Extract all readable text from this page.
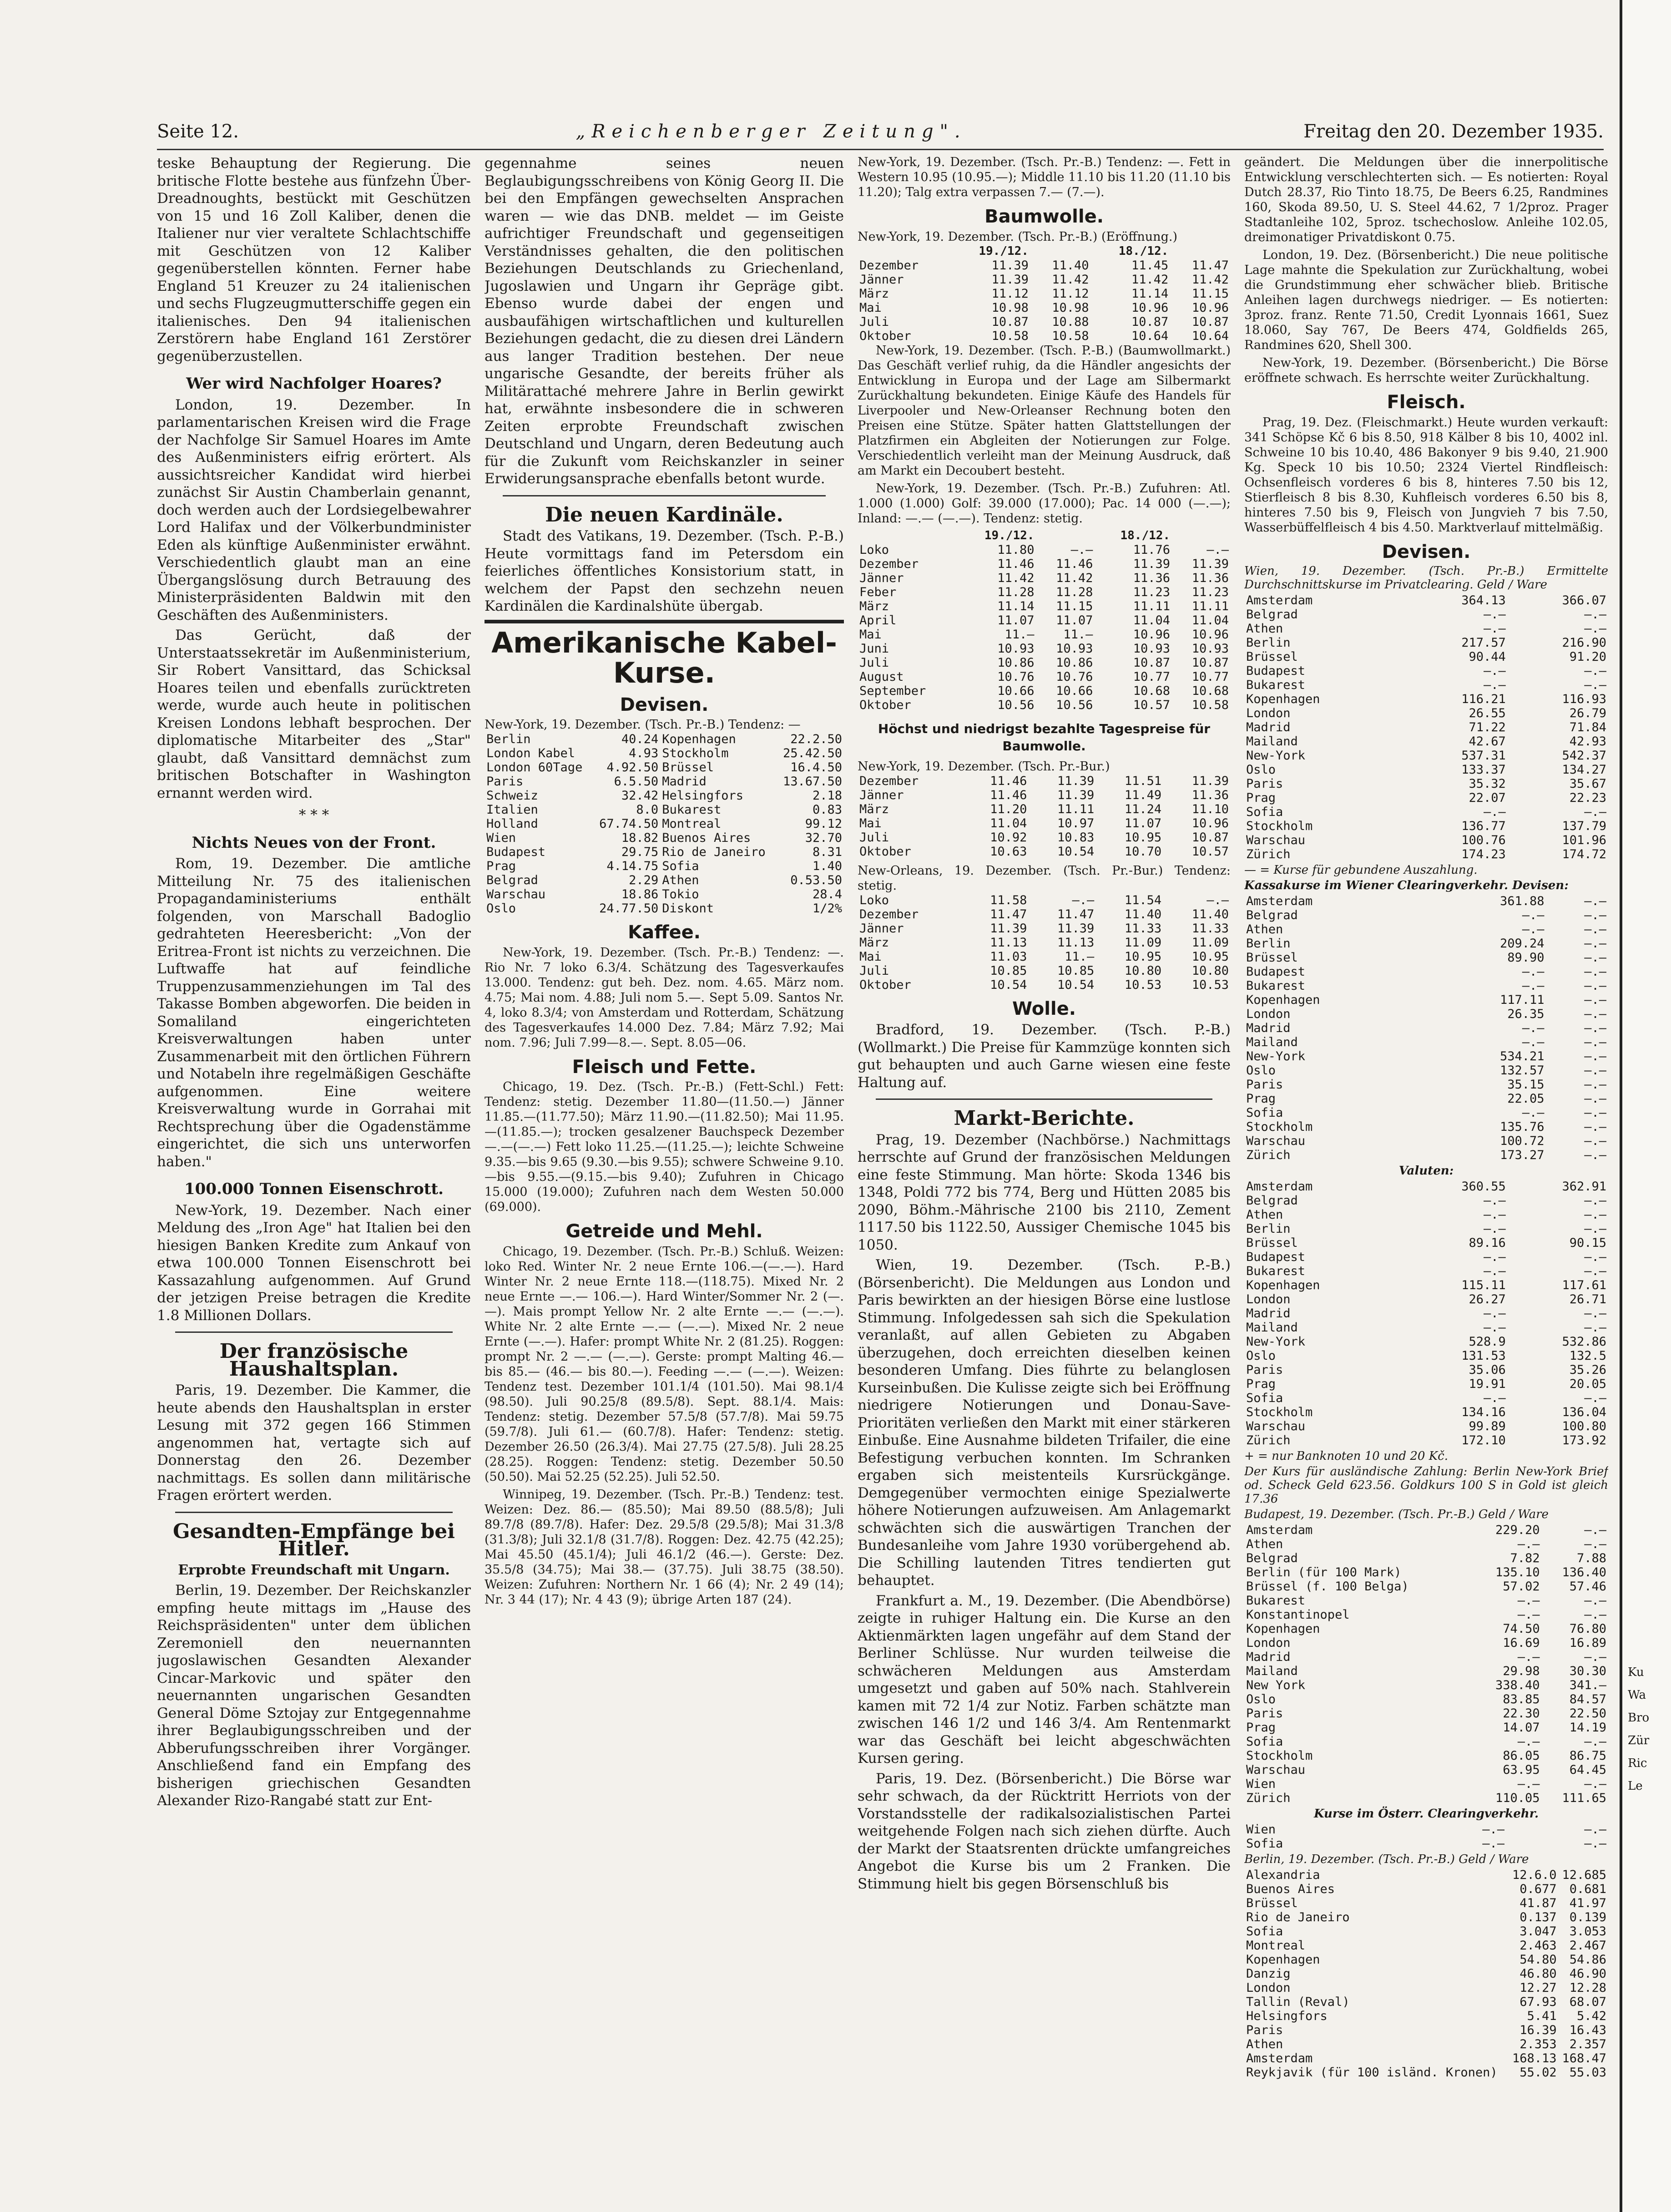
Seite 12.	„Reichenberger Zeitung".	Freitag den 20. Dezember 1935.

teske Behauptung der Regierung. Die britische Flotte bestehe aus fünfzehn Über-Dreadnoughts, bestückt mit Geschützen von 15 und 16 Zoll Kaliber, denen die Italiener nur vier veraltete Schlachtschiffe mit Geschützen von 12 Kaliber gegenüberstellen könnten. Ferner habe England 51 Kreuzer zu 24 italienischen und sechs Flugzeugmutterschiffe gegen ein italienisches. Den 94 italienischen Zerstörern habe England 161 Zerstörer gegenüberzustellen.

Wer wird Nachfolger Hoares?

London, 19. Dezember. In parlamentarischen Kreisen wird die Frage der Nachfolge Sir Samuel Hoares im Amte des Außenministers eifrig erörtert. Als aussichtsreicher Kandidat wird hierbei zunächst Sir Austin Chamberlain genannt, doch werden auch der Lordsiegelbewahrer Lord Halifax und der Völkerbundminister Eden als künftige Außenminister erwähnt. Verschiedentlich glaubt man an eine Übergangslösung durch Betrauung des Ministerpräsidenten Baldwin mit den Geschäften des Außenministers.

Das Gerücht, daß der Unterstaatssekretär im Außenministerium, Sir Robert Vansittard, das Schicksal Hoares teilen und ebenfalls zurücktreten werde, wurde auch heute in politischen Kreisen Londons lebhaft besprochen. Der diplomatische Mitarbeiter des „Star" glaubt, daß Vansittard demnächst zum britischen Botschafter in Washington ernannt werden wird.

* * *
Nichts Neues von der Front.

Rom, 19. Dezember. Die amtliche Mitteilung Nr. 75 des italienischen Propagandaministeriums enthält folgenden, von Marschall Badoglio gedrahteten Heeresbericht: „Von der Eritrea-Front ist nichts zu verzeichnen. Die Luftwaffe hat auf feindliche Truppenzusammenziehungen im Tal des Takasse Bomben abgeworfen. Die beiden in Somaliland eingerichteten Kreisverwaltungen haben unter Zusammenarbeit mit den örtlichen Führern und Notabeln ihre regelmäßigen Geschäfte aufgenommen. Eine weitere Kreisverwaltung wurde in Gorrahai mit Rechtsprechung über die Ogadenstämme eingerichtet, die sich uns unterworfen haben."

100.000 Tonnen Eisenschrott.

New-York, 19. Dezember. Nach einer Meldung des „Iron Age" hat Italien bei den hiesigen Banken Kredite zum Ankauf von etwa 100.000 Tonnen Eisenschrott bei Kassazahlung aufgenommen. Auf Grund der jetzigen Preise betragen die Kredite 1.8 Millionen Dollars.

Der französische Haushaltsplan.

Paris, 19. Dezember. Die Kammer, die heute abends den Haushaltsplan in erster Lesung mit 372 gegen 166 Stimmen angenommen hat, vertagte sich auf Donnerstag den 26. Dezember nachmittags. Es sollen dann militärische Fragen erörtert werden.

Gesandten-Empfänge bei Hitler.
Erprobte Freundschaft mit Ungarn.

Berlin, 19. Dezember. Der Reichskanzler empfing heute mittags im „Hause des Reichspräsidenten" unter dem üblichen Zeremoniell den neuernannten jugoslawischen Gesandten Alexander Cincar-Markovic und später den neuernannten ungarischen Gesandten General Döme Sztojay zur Entgegennahme ihrer Beglaubigungsschreiben und der Abberufungsschreiben ihrer Vorgänger. Anschließend fand ein Empfang des bisherigen griechischen Gesandten Alexander Rizo-Rangabé statt zur Ent-

gegennahme seines neuen Beglaubigungsschreibens von König Georg II. Die bei den Empfängen gewechselten Ansprachen waren — wie das DNB. meldet — im Geiste aufrichtiger Freundschaft und gegenseitigen Verständnisses gehalten, die den politischen Beziehungen Deutschlands zu Griechenland, Jugoslawien und Ungarn ihr Gepräge gibt. Ebenso wurde dabei der engen und ausbaufähigen wirtschaftlichen und kulturellen Beziehungen gedacht, die zu diesen drei Ländern aus langer Tradition bestehen. Der neue ungarische Gesandte, der bereits früher als Militärattaché mehrere Jahre in Berlin gewirkt hat, erwähnte insbesondere die in schweren Zeiten erprobte Freundschaft zwischen Deutschland und Ungarn, deren Bedeutung auch für die Zukunft vom Reichskanzler in seiner Erwiderungsansprache ebenfalls betont wurde.

Die neuen Kardinäle.

Stadt des Vatikans, 19. Dezember. (Tsch. P.-B.) Heute vormittags fand im Petersdom ein feierliches öffentliches Konsistorium statt, in welchem der Papst den sechzehn neuen Kardinälen die Kardinalshüte übergab.

Amerikanische Kabel-Kurse.
Devisen.
New-York, 19. Dezember. (Tsch. Pr.-B.) Tendenz: —
Berlin	40.24	Kopenhagen	22.2.50
London Kabel	4.93	Stockholm	25.42.50
London 60Tage	4.92.50	Brüssel	16.4.50
Paris	6.5.50	Madrid	13.67.50
Schweiz	32.42	Helsingfors	2.18
Italien	8.0	Bukarest	0.83
Holland	67.74.50	Montreal	99.12
Wien	18.82	Buenos Aires	32.70
Budapest	29.75	Rio de Janeiro	8.31
Prag	4.14.75	Sofia	1.40
Belgrad	2.29	Athen	0.53.50
Warschau	18.86	Tokio	28.4
Oslo	24.77.50	Diskont	1/2%
Kaffee.

New-York, 19. Dezember. (Tsch. Pr.-B.) Tendenz: —. Rio Nr. 7 loko 6.3/4. Schätzung des Tagesverkaufes 13.000. Tendenz: gut beh. Dez. nom. 4.65. März nom. 4.75; Mai nom. 4.88; Juli nom 5.—. Sept 5.09. Santos Nr. 4, loko 8.3/4; von Amsterdam und Rotterdam, Schätzung des Tagesverkaufes 14.000 Dez. 7.84; März 7.92; Mai nom. 7.96; Juli 7.99—8.—. Sept. 8.05—06.

Fleisch und Fette.

Chicago, 19. Dez. (Tsch. Pr.-B.) (Fett-Schl.) Fett: Tendenz: stetig. Dezember 11.80—(11.50.—) Jänner 11.85.—(11.77.50); März 11.90.—(11.82.50); Mai 11.95.—(11.85.—); trocken gesalzener Bauchspeck Dezember —.—(—.—) Fett loko 11.25.—(11.25.—); leichte Schweine 9.35.—bis 9.65 (9.30.—bis 9.55); schwere Schweine 9.10.—bis 9.55.—(9.15.—bis 9.40); Zufuhren in Chicago 15.000 (19.000); Zufuhren nach dem Westen 50.000 (69.000).

Getreide und Mehl.

Chicago, 19. Dezember. (Tsch. Pr.-B.) Schluß. Weizen: loko Red. Winter Nr. 2 neue Ernte 106.—(—.—). Hard Winter Nr. 2 neue Ernte 118.—(118.75). Mixed Nr. 2 neue Ernte —.— 106.—). Hard Winter/Sommer Nr. 2 (—.—). Mais prompt Yellow Nr. 2 alte Ernte —.— (—.—). White Nr. 2 alte Ernte —.— (—.—). Mixed Nr. 2 neue Ernte (—.—). Hafer: prompt White Nr. 2 (81.25). Roggen: prompt Nr. 2 —.— (—.—). Gerste: prompt Malting 46.— bis 85.— (46.— bis 80.—). Feeding —.— (—.—). Weizen: Tendenz test. Dezember 101.1/4 (101.50). Mai 98.1/4 (98.50). Juli 90.25/8 (89.5/8). Sept. 88.1/4. Mais: Tendenz: stetig. Dezember 57.5/8 (57.7/8). Mai 59.75 (59.7/8). Juli 61.— (60.7/8). Hafer: Tendenz: stetig. Dezember 26.50 (26.3/4). Mai 27.75 (27.5/8). Juli 28.25 (28.25). Roggen: Tendenz: stetig. Dezember 50.50 (50.50). Mai 52.25 (52.25). Juli 52.50.

Winnipeg, 19. Dezember. (Tsch. Pr.-B.) Tendenz: test. Weizen: Dez. 86.— (85.50); Mai 89.50 (88.5/8); Juli 89.7/8 (89.7/8). Hafer: Dez. 29.5/8 (29.5/8); Mai 31.3/8 (31.3/8); Juli 32.1/8 (31.7/8). Roggen: Dez. 42.75 (42.25); Mai 45.50 (45.1/4); Juli 46.1/2 (46.—). Gerste: Dez. 35.5/8 (34.75); Mai 38.— (37.75). Juli 38.75 (38.50). Weizen: Zufuhren: Northern Nr. 1 66 (4); Nr. 2 49 (14); Nr. 3 44 (17); Nr. 4 43 (9); übrige Arten 187 (24).

New-York, 19. Dezember. (Tsch. Pr.-B.) Tendenz: —. Fett in Western 10.95 (10.95.—); Middle 11.10 bis 11.20 (11.10 bis 11.20); Talg extra verpassen 7.— (7.—).

Baumwolle.
New-York, 19. Dezember. (Tsch. Pr.-B.) (Eröffnung.)
	19./12.		18./12.	
Dezember	11.39	11.40	11.45	11.47
Jänner	11.39	11.42	11.42	11.42
März	11.12	11.12	11.14	11.15
Mai	10.98	10.98	10.96	10.96
Juli	10.87	10.88	10.87	10.87
Oktober	10.58	10.58	10.64	10.64

New-York, 19. Dezember. (Tsch. P.-B.) (Baumwollmarkt.) Das Geschäft verlief ruhig, da die Händler angesichts der Entwicklung in Europa und der Lage am Silbermarkt Zurückhaltung bekundeten. Einige Käufe des Handels für Liverpooler und New-Orleanser Rechnung boten den Preisen eine Stütze. Später hatten Glattstellungen der Platzfirmen ein Abgleiten der Notierungen zur Folge. Verschiedentlich verleiht man der Meinung Ausdruck, daß am Markt ein Decoubert besteht.

New-York, 19. Dezember. (Tsch. Pr.-B.) Zufuhren: Atl. 1.000 (1.000) Golf: 39.000 (17.000); Pac. 14 000 (—.—); Inland: —.— (—.—). Tendenz: stetig.

	19./12.		18./12.	
Loko	11.80	—.—	11.76	—.—
Dezember	11.46	11.46	11.39	11.39
Jänner	11.42	11.42	11.36	11.36
Feber	11.28	11.28	11.23	11.23
März	11.14	11.15	11.11	11.11
April	11.07	11.07	11.04	11.04
Mai	11.—	11.—	10.96	10.96
Juni	10.93	10.93	10.93	10.93
Juli	10.86	10.86	10.87	10.87
August	10.76	10.76	10.77	10.77
September	10.66	10.66	10.68	10.68
Oktober	10.56	10.56	10.57	10.58
Höchst und niedrigst bezahlte Tagespreise für Baumwolle.
New-York, 19. Dezember. (Tsch. Pr.-Bur.)
Dezember	11.46	11.39	11.51	11.39
Jänner	11.46	11.39	11.49	11.36
März	11.20	11.11	11.24	11.10
Mai	11.04	10.97	11.07	10.96
Juli	10.92	10.83	10.95	10.87
Oktober	10.63	10.54	10.70	10.57
New-Orleans, 19. Dezember. (Tsch. Pr.-Bur.) Tendenz: stetig.
Loko	11.58	—.—	11.54	—.—
Dezember	11.47	11.47	11.40	11.40
Jänner	11.39	11.39	11.33	11.33
März	11.13	11.13	11.09	11.09
Mai	11.03	11.—	10.95	10.95
Juli	10.85	10.85	10.80	10.80
Oktober	10.54	10.54	10.53	10.53
Wolle.

Bradford, 19. Dezember. (Tsch. P.-B.) (Wollmarkt.) Die Preise für Kammzüge konnten sich gut behaupten und auch Garne wiesen eine feste Haltung auf.

Markt-Berichte.

Prag, 19. Dezember (Nachbörse.) Nachmittags herrschte auf Grund der französischen Meldungen eine feste Stimmung. Man hörte: Skoda 1346 bis 1348, Poldi 772 bis 774, Berg und Hütten 2085 bis 2090, Böhm.-Mährische 2100 bis 2110, Zement 1117.50 bis 1122.50, Aussiger Chemische 1045 bis 1050.

Wien, 19. Dezember. (Tsch. P.-B.) (Börsenbericht). Die Meldungen aus London und Paris bewirkten an der hiesigen Börse eine lustlose Stimmung. Infolgedessen sah sich die Spekulation veranlaßt, auf allen Gebieten zu Abgaben überzugehen, doch erreichten dieselben keinen besonderen Umfang. Dies führte zu belanglosen Kurseinbußen. Die Kulisse zeigte sich bei Eröffnung niedrigere Notierungen und Donau-Save-Prioritäten verließen den Markt mit einer stärkeren Einbuße. Eine Ausnahme bildeten Trifailer, die eine Befestigung verbuchen konnten. Im Schranken ergaben sich meistenteils Kursrückgänge. Demgegenüber vermochten einige Spezialwerte höhere Notierungen aufzuweisen. Am Anlagemarkt schwächten sich die auswärtigen Tranchen der Bundesanleihe vom Jahre 1930 vorübergehend ab. Die Schilling lautenden Titres tendierten gut behauptet.

Frankfurt a. M., 19. Dezember. (Die Abendbörse) zeigte in ruhiger Haltung ein. Die Kurse an den Aktienmärkten lagen ungefähr auf dem Stand der Berliner Schlüsse. Nur wurden teilweise die schwächeren Meldungen aus Amsterdam umgesetzt und gaben auf 50% nach. Stahlverein kamen mit 72 1/4 zur Notiz. Farben schätzte man zwischen 146 1/2 und 146 3/4. Am Rentenmarkt war das Geschäft bei leicht abgeschwächten Kursen gering.

Paris, 19. Dez. (Börsenbericht.) Die Börse war sehr schwach, da der Rücktritt Herriots von der Vorstandsstelle der radikalsozialistischen Partei weitgehende Folgen nach sich ziehen dürfte. Auch der Markt der Staatsrenten drückte umfangreiches Angebot die Kurse bis um 2 Franken. Die Stimmung hielt bis gegen Börsenschluß bis

geändert. Die Meldungen über die innerpolitische Entwicklung verschlechterten sich. — Es notierten: Royal Dutch 28.37, Rio Tinto 18.75, De Beers 6.25, Randmines 160, Skoda 89.50, U. S. Steel 44.62, 7 1/2proz. Prager Stadtanleihe 102, 5proz. tschechoslow. Anleihe 102.05, dreimonatiger Privatdiskont 0.75.

London, 19. Dez. (Börsenbericht.) Die neue politische Lage mahnte die Spekulation zur Zurückhaltung, wobei die Grundstimmung eher schwächer blieb. Britische Anleihen lagen durchwegs niedriger. — Es notierten: 3proz. franz. Rente 71.50, Credit Lyonnais 1661, Suez 18.060, Say 767, De Beers 474, Goldfields 265, Randmines 620, Shell 300.

New-York, 19. Dezember. (Börsenbericht.) Die Börse eröffnete schwach. Es herrschte weiter Zurückhaltung.

Fleisch.

Prag, 19. Dez. (Fleischmarkt.) Heute wurden verkauft: 341 Schöpse Kč 6 bis 8.50, 918 Kälber 8 bis 10, 4002 inl. Schweine 10 bis 10.40, 486 Bakonyer 9 bis 9.40, 21.900 Kg. Speck 10 bis 10.50; 2324 Viertel Rindfleisch: Ochsenfleisch vorderes 6 bis 8, hinteres 7.50 bis 12, Stierfleisch 8 bis 8.30, Kuhfleisch vorderes 6.50 bis 8, hinteres 7.50 bis 9, Fleisch von Jungvieh 7 bis 7.50, Wasserbüffelfleisch 4 bis 4.50. Marktverlauf mittelmäßig.

Devisen.
Wien, 19. Dezember. (Tsch. Pr.-B.) Ermittelte Durchschnittskurse im Privatclearing. Geld / Ware
Amsterdam	364.13	366.07
Belgrad	—.—	—.—
Athen	—.—	—.—
Berlin	217.57	216.90
Brüssel	90.44	91.20
Budapest	—.—	—.—
Bukarest	—.—	—.—
Kopenhagen	116.21	116.93
London	26.55	26.79
Madrid	71.22	71.84
Mailand	42.67	42.93
New-York	537.31	542.37
Oslo	133.37	134.27
Paris	35.32	35.67
Prag	22.07	22.23
Sofia	—.—	—.—
Stockholm	136.77	137.79
Warschau	100.76	101.96
Zürich	174.23	174.72
— = Kurse für gebundene Auszahlung.
Kassakurse im Wiener Clearingverkehr. Devisen:
Amsterdam	361.88	—.—
Belgrad	—.—	—.—
Athen	—.—	—.—
Berlin	209.24	—.—
Brüssel	89.90	—.—
Budapest	—.—	—.—
Bukarest	—.—	—.—
Kopenhagen	117.11	—.—
London	26.35	—.—
Madrid	—.—	—.—
Mailand	—.—	—.—
New-York	534.21	—.—
Oslo	132.57	—.—
Paris	35.15	—.—
Prag	22.05	—.—
Sofia	—.—	—.—
Stockholm	135.76	—.—
Warschau	100.72	—.—
Zürich	173.27	—.—
Valuten:
Amsterdam	360.55	362.91
Belgrad	—.—	—.—
Athen	—.—	—.—
Berlin	—.—	—.—
Brüssel	89.16	90.15
Budapest	—.—	—.—
Bukarest	—.—	—.—
Kopenhagen	115.11	117.61
London	26.27	26.71
Madrid	—.—	—.—
Mailand	—.—	—.—
New-York	528.9	532.86
Oslo	131.53	132.5
Paris	35.06	35.26
Prag	19.91	20.05
Sofia	—.—	—.—
Stockholm	134.16	136.04
Warschau	99.89	100.80
Zürich	172.10	173.92
+ = nur Banknoten 10 und 20 Kč.
Der Kurs für ausländische Zahlung: Berlin New-York Brief od. Scheck Geld 623.56. Goldkurs 100 S in Gold ist gleich 17.36
Budapest, 19. Dezember. (Tsch. Pr.-B.) Geld / Ware
Amsterdam	229.20	—.—
Athen	—.—	—.—
Belgrad	7.82	7.88
Berlin (für 100 Mark)	135.10	136.40
Brüssel (f. 100 Belga)	57.02	57.46
Bukarest	—.—	—.—
Konstantinopel	—.—	—.—
Kopenhagen	74.50	76.80
London	16.69	16.89
Madrid	—.—	—.—
Mailand	29.98	30.30
New York	338.40	341.—
Oslo	83.85	84.57
Paris	22.30	22.50
Prag	14.07	14.19
Sofia	—.—	—.—
Stockholm	86.05	86.75
Warschau	63.95	64.45
Wien	—.—	—.—
Zürich	110.05	111.65
Kurse im Österr. Clearingverkehr.
Wien	—.—	—.—
Sofia	—.—	—.—
Berlin, 19. Dezember. (Tsch. Pr.-B.) Geld / Ware
Alexandria	12.6.0	12.685
Buenos Aires	0.677	0.681
Brüssel	41.87	41.97
Rio de Janeiro	0.137	0.139
Sofia	3.047	3.053
Montreal	2.463	2.467
Kopenhagen	54.80	54.86
Danzig	46.80	46.90
London	12.27	12.28
Tallin (Reval)	67.93	68.07
Helsingfors	5.41	5.42
Paris	16.39	16.43
Athen	2.353	2.357
Amsterdam	168.13	168.47
Reykjavik (für 100 isländ. Kronen)	55.02	55.03
Ku
Wa
Bro
Zür
Ric
Le
